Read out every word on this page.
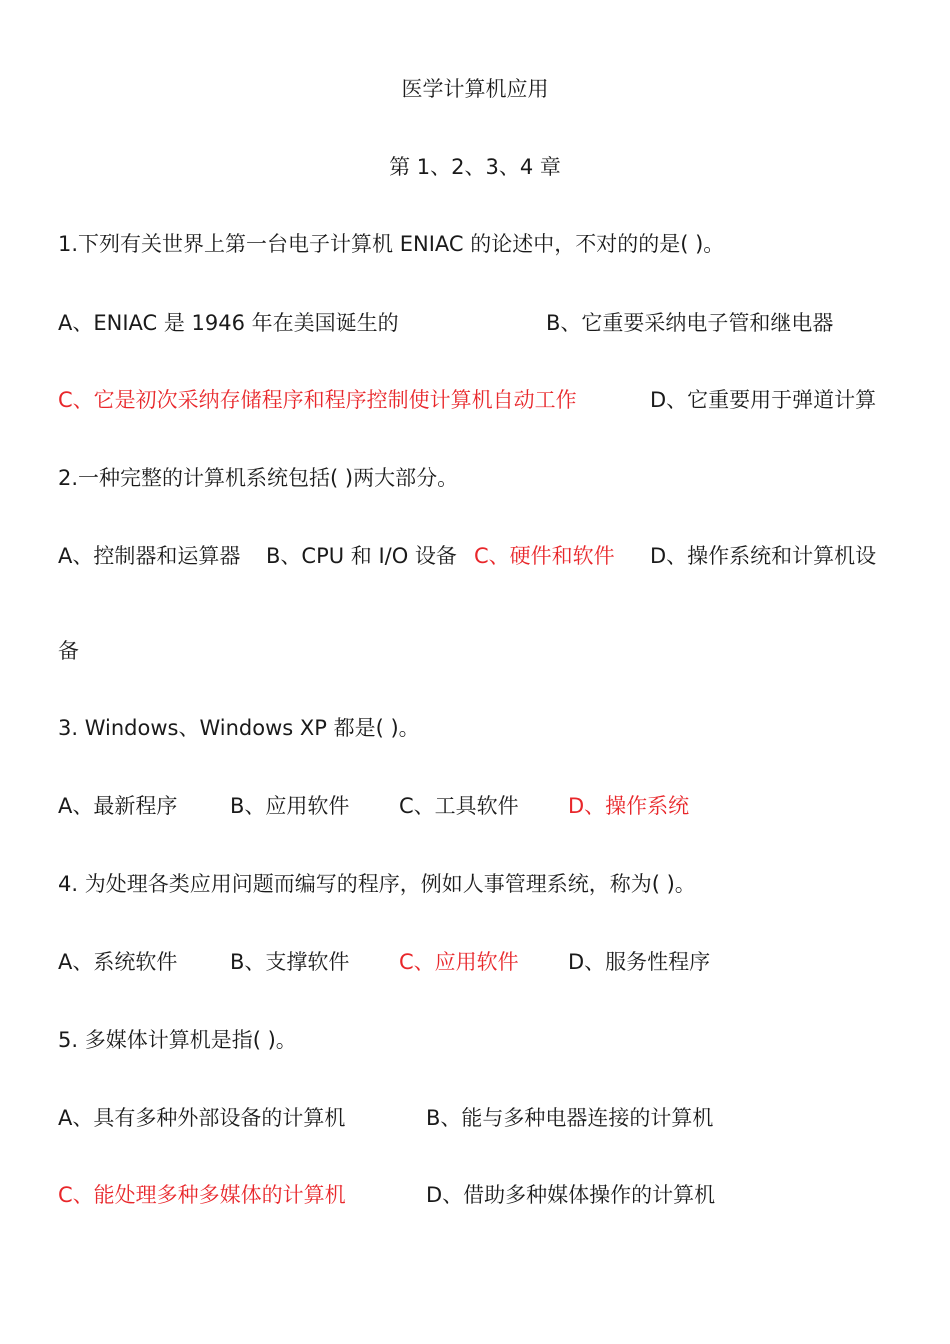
医学计算机应用
第 1、2、3、4 章
1.下列有关世界上第一台电子计算机 ENIAC 的论述中，不对的的是( )。
A、ENIAC 是 1946 年在美国诞生的	B、它重要采纳电子管和继电器
C、它是初次采纳存储程序和程序控制使计算机自动工作	D、它重要用于弹道计算
2.一种完整的计算机系统包括( )两大部分。
A、控制器和运算器 B、CPU 和 I/O 设备 C、硬件和软件 D、操作系统和计算机设
备
3. Windows、Windows XP 都是( )。
A、最新程序	B、应用软件 C、工具软件 D、操作系统
4. 为处理各类应用问题而编写的程序，例如人事管理系统，称为( )。
A、系统软件	B、支撑软件 C、应用软件 D、服务性程序
5. 多媒体计算机是指( )。
A、具有多种外部设备的计算机	B、能与多种电器连接的计算机
C、能处理多种多媒体的计算机	D、借助多种媒体操作的计算机
